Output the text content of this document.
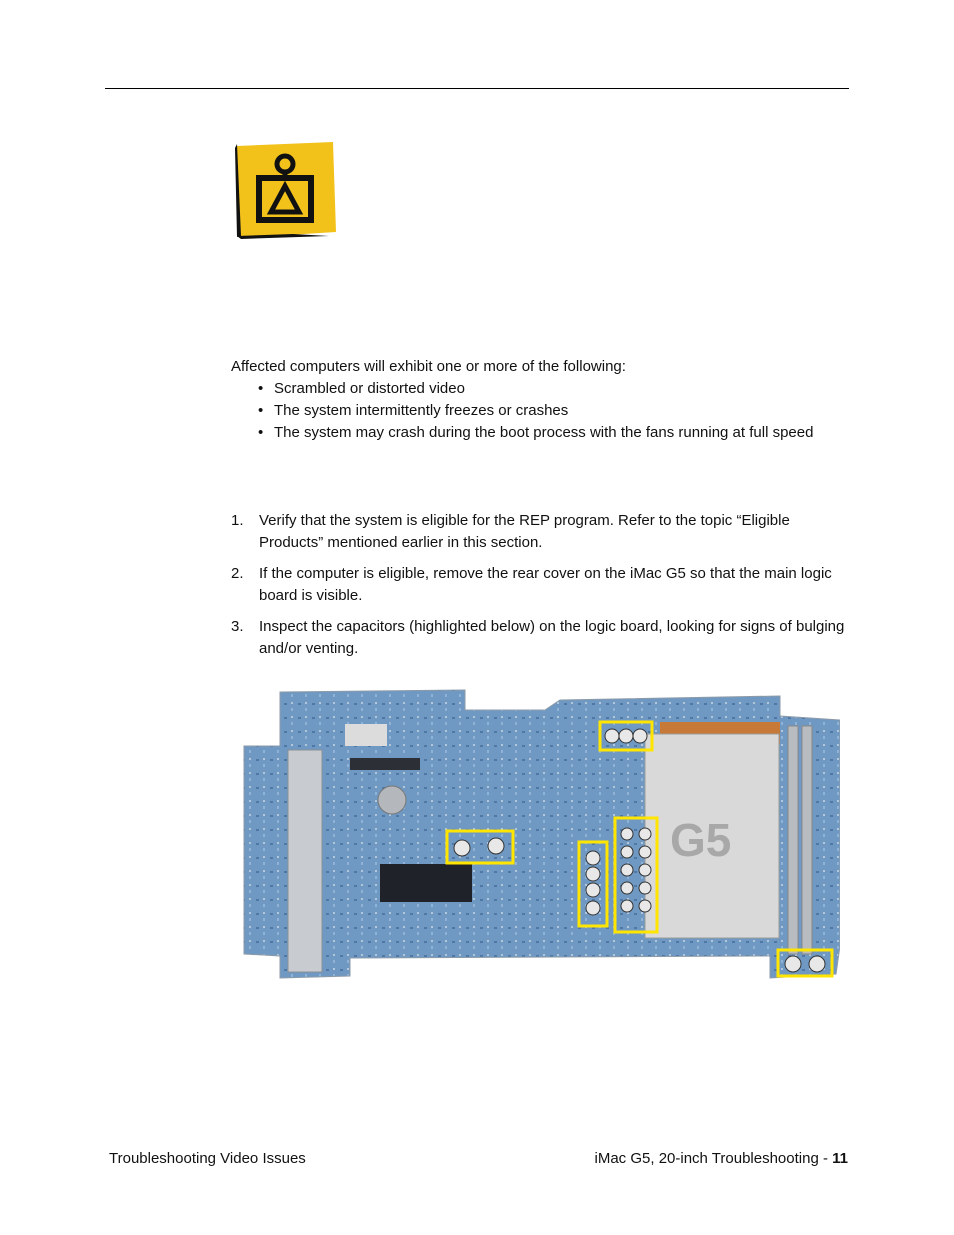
Affected computers will exhibit one or more of the following:

• Scrambled or distorted video
• The system intermittently freezes or crashes
• The system may crash during the boot process with the fans running at full speed
1. Verify that the system is eligible for the REP program. Refer to the topic “Eligible Products” mentioned earlier in this section.
2. If the computer is eligible, remove the rear cover on the iMac G5 so that the main logic board is visible.
3. Inspect the capacitors (highlighted below) on the logic board, looking for signs of bulging and/or venting.
G5
Troubleshooting Video Issues	iMac G5, 20-inch Troubleshooting - 11
